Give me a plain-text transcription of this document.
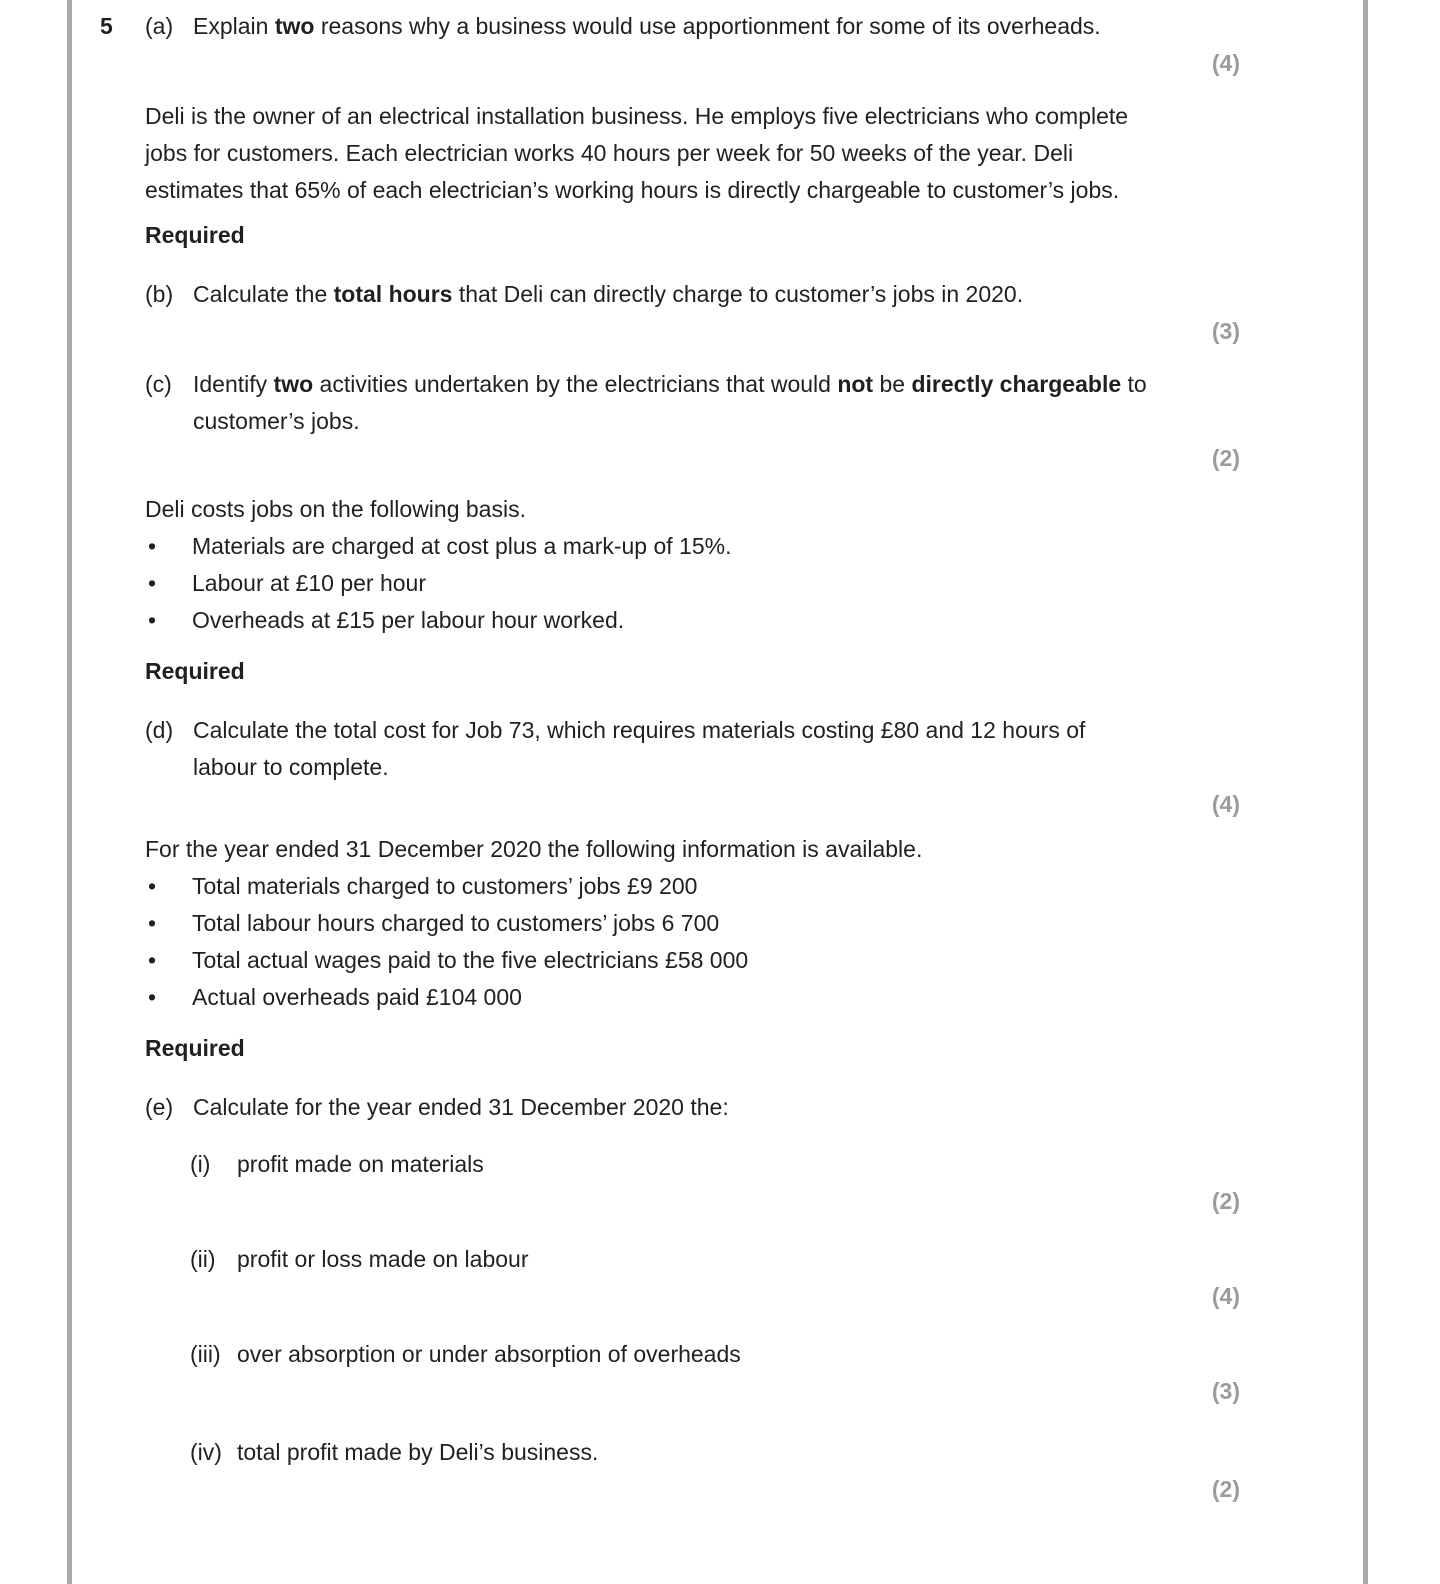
5 (a) Explain two reasons why a business would use apportionment for some of its overheads.
(4)
Deli is the owner of an electrical installation business. He employs five electricians who complete jobs for customers. Each electrician works 40 hours per week for 50 weeks of the year. Deli estimates that 65% of each electrician’s working hours is directly chargeable to customer’s jobs.
Required
(b) Calculate the total hours that Deli can directly charge to customer’s jobs in 2020.
(3)
(c) Identify two activities undertaken by the electricians that would not be directly chargeable to customer’s jobs.
(2)
Deli costs jobs on the following basis.
•	Materials are charged at cost plus a mark-up of 15%.
•	Labour at £10 per hour
•	Overheads at £15 per labour hour worked.
Required
(d) Calculate the total cost for Job 73, which requires materials costing £80 and 12 hours of labour to complete.
(4)
For the year ended 31 December 2020 the following information is available.
•	Total materials charged to customers’ jobs £9 200
•	Total labour hours charged to customers’ jobs 6 700
•	Total actual wages paid to the five electricians £58 000
•	Actual overheads paid £104 000
Required
(e) Calculate for the year ended 31 December 2020 the:
(i)	profit made on materials
(2)
(ii) profit or loss made on labour
(4)
(iii) over absorption or under absorption of overheads
(3)
(iv) total profit made by Deli’s business.
(2)
